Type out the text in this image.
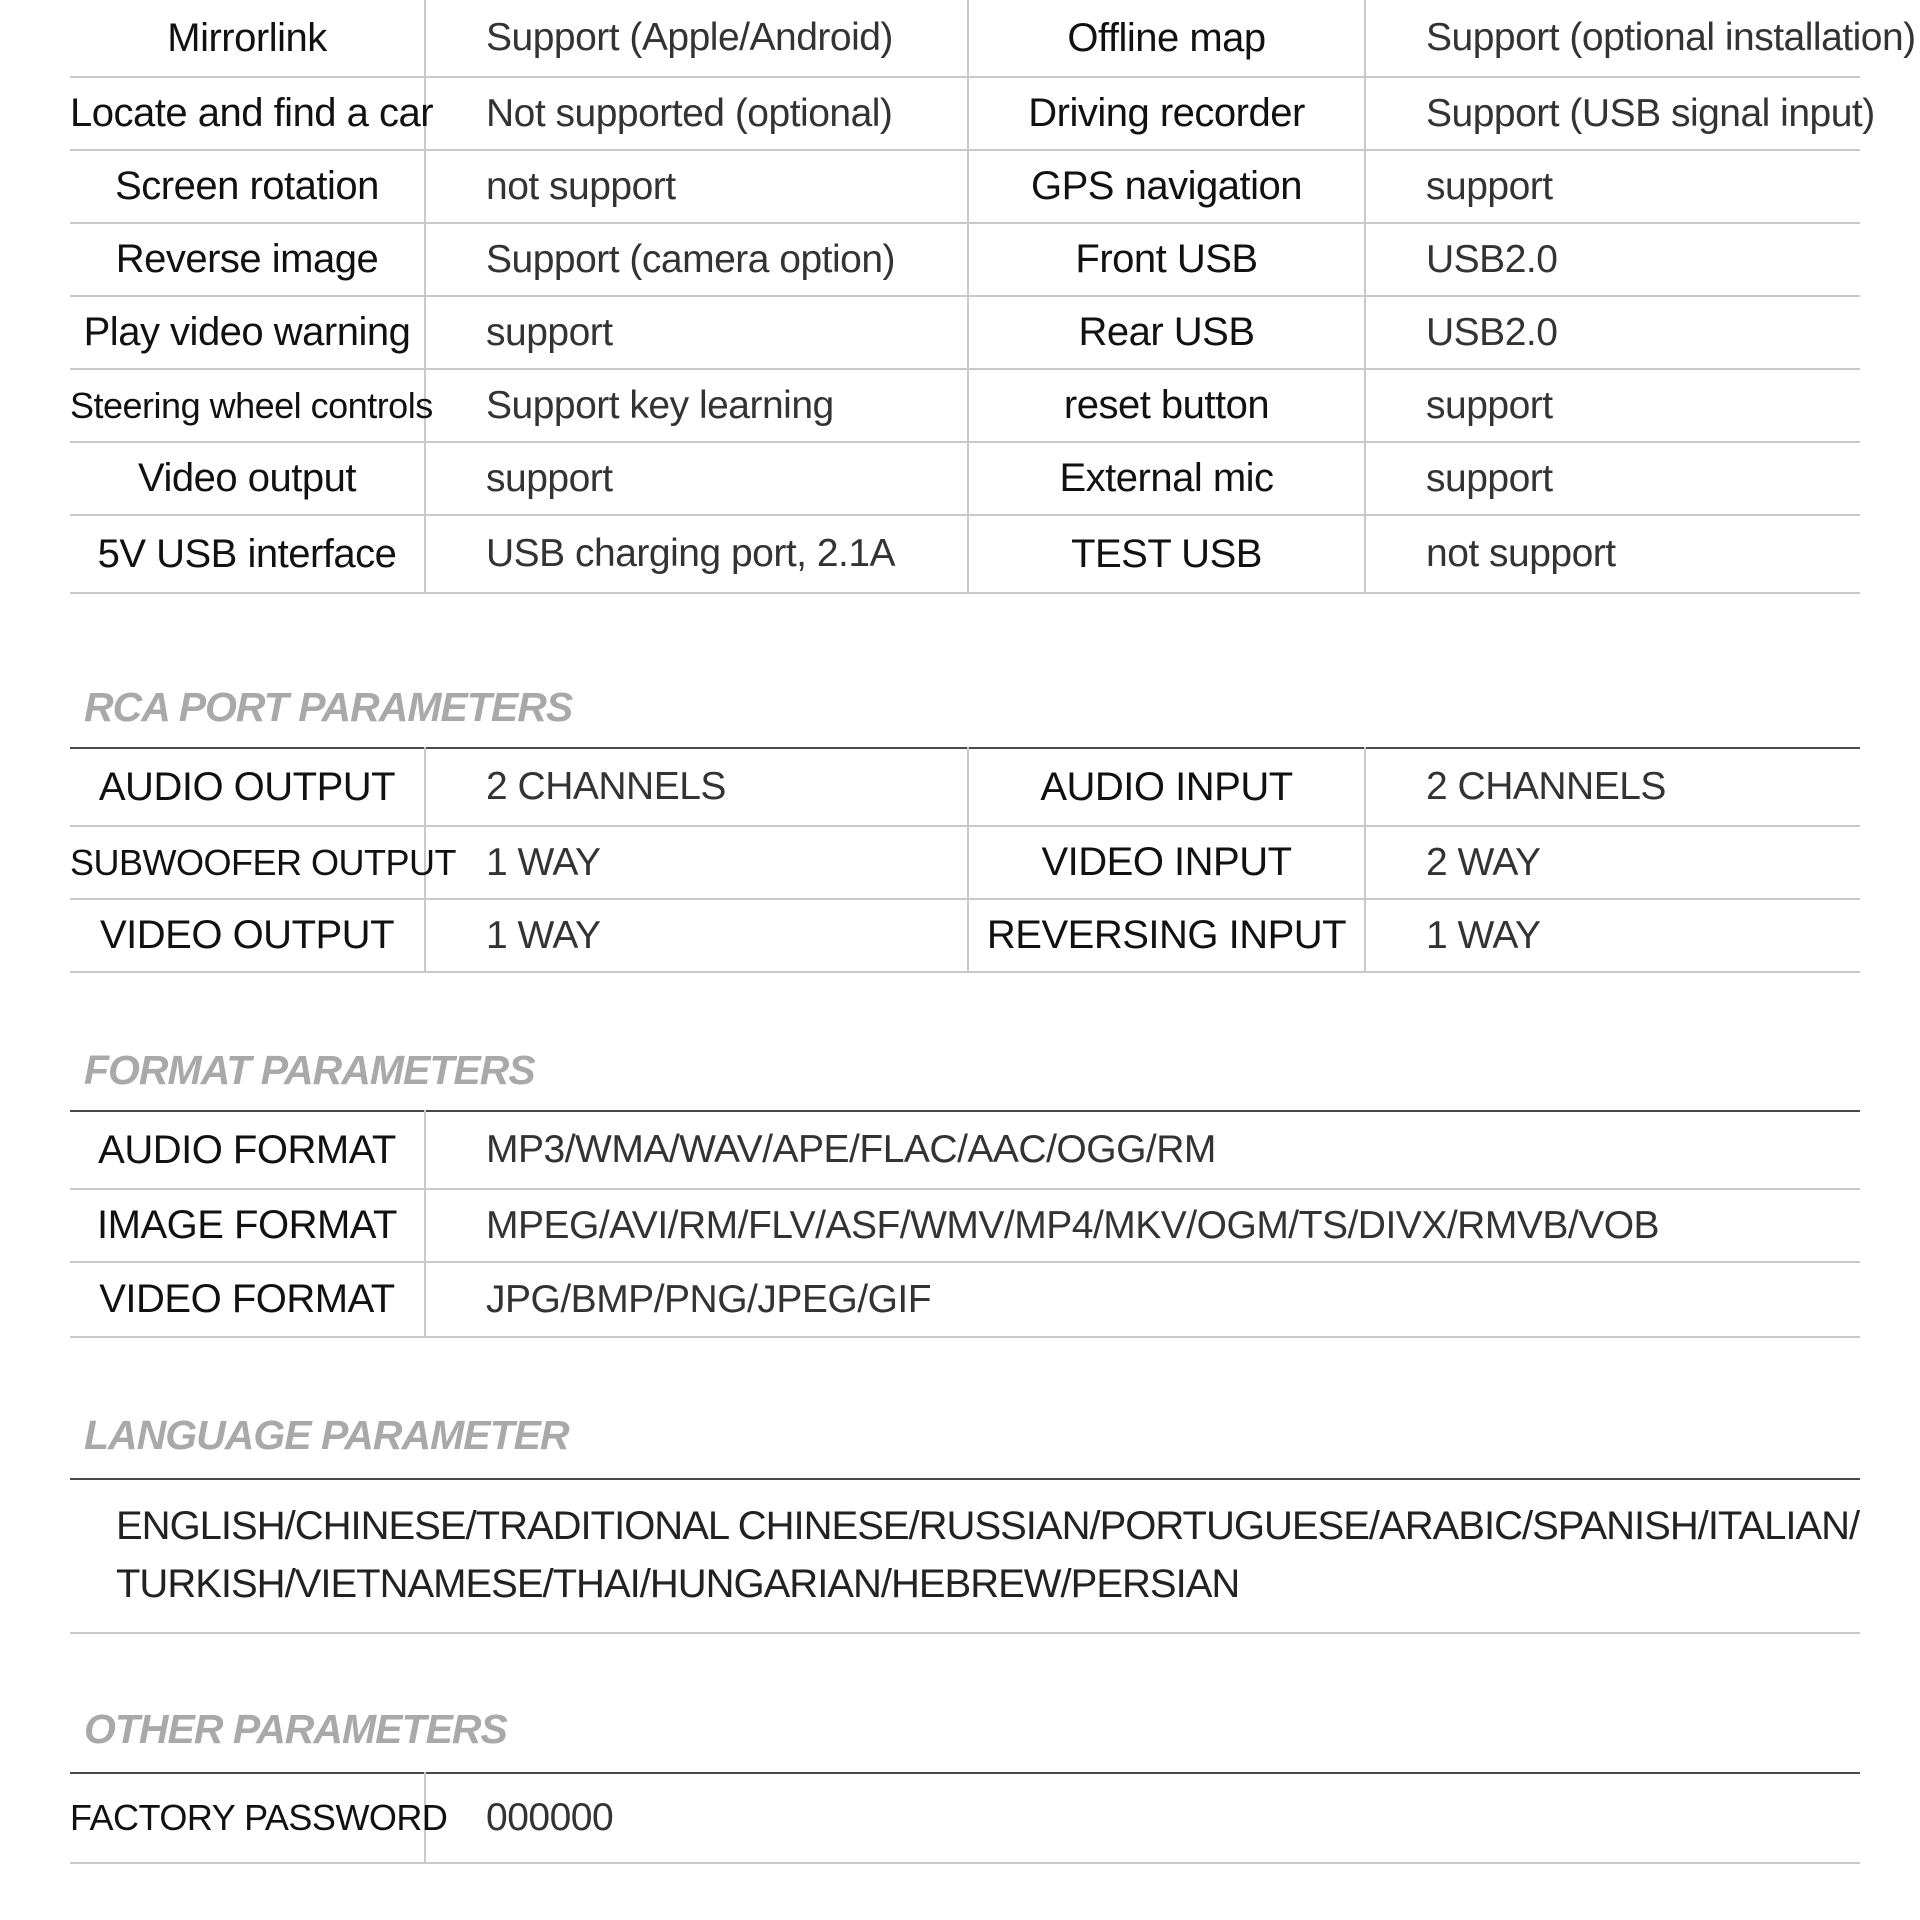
Mirrorlink	Support (Apple/Android)	Offline map	Support (optional installation)
Locate and find a car	Not supported (optional)	Driving recorder	Support (USB signal input)
Screen rotation	not support	GPS navigation	support
Reverse image	Support (camera option)	Front USB	USB2.0
Play video warning	support	Rear USB	USB2.0
Steering wheel controls	Support key learning	reset button	support
Video output	support	External mic	support
5V USB interface	USB charging port, 2.1A	TEST USB	not support
RCA PORT PARAMETERS
AUDIO OUTPUT	2 CHANNELS	AUDIO INPUT	2 CHANNELS
SUBWOOFER OUTPUT	1 WAY	VIDEO INPUT	2 WAY
VIDEO OUTPUT	1 WAY	REVERSING INPUT	1 WAY
FORMAT PARAMETERS
AUDIO FORMAT	MP3/WMA/WAV/APE/FLAC/AAC/OGG/RM
IMAGE FORMAT	MPEG/AVI/RM/FLV/ASF/WMV/MP4/MKV/OGM/TS/DIVX/RMVB/VOB
VIDEO FORMAT	JPG/BMP/PNG/JPEG/GIF
LANGUAGE PARAMETER
ENGLISH/CHINESE/TRADITIONAL CHINESE/RUSSIAN/PORTUGUESE/ARABIC/SPANISH/ITALIAN/
TURKISH/VIETNAMESE/THAI/HUNGARIAN/HEBREW/PERSIAN
OTHER PARAMETERS
FACTORY PASSWORD	000000
